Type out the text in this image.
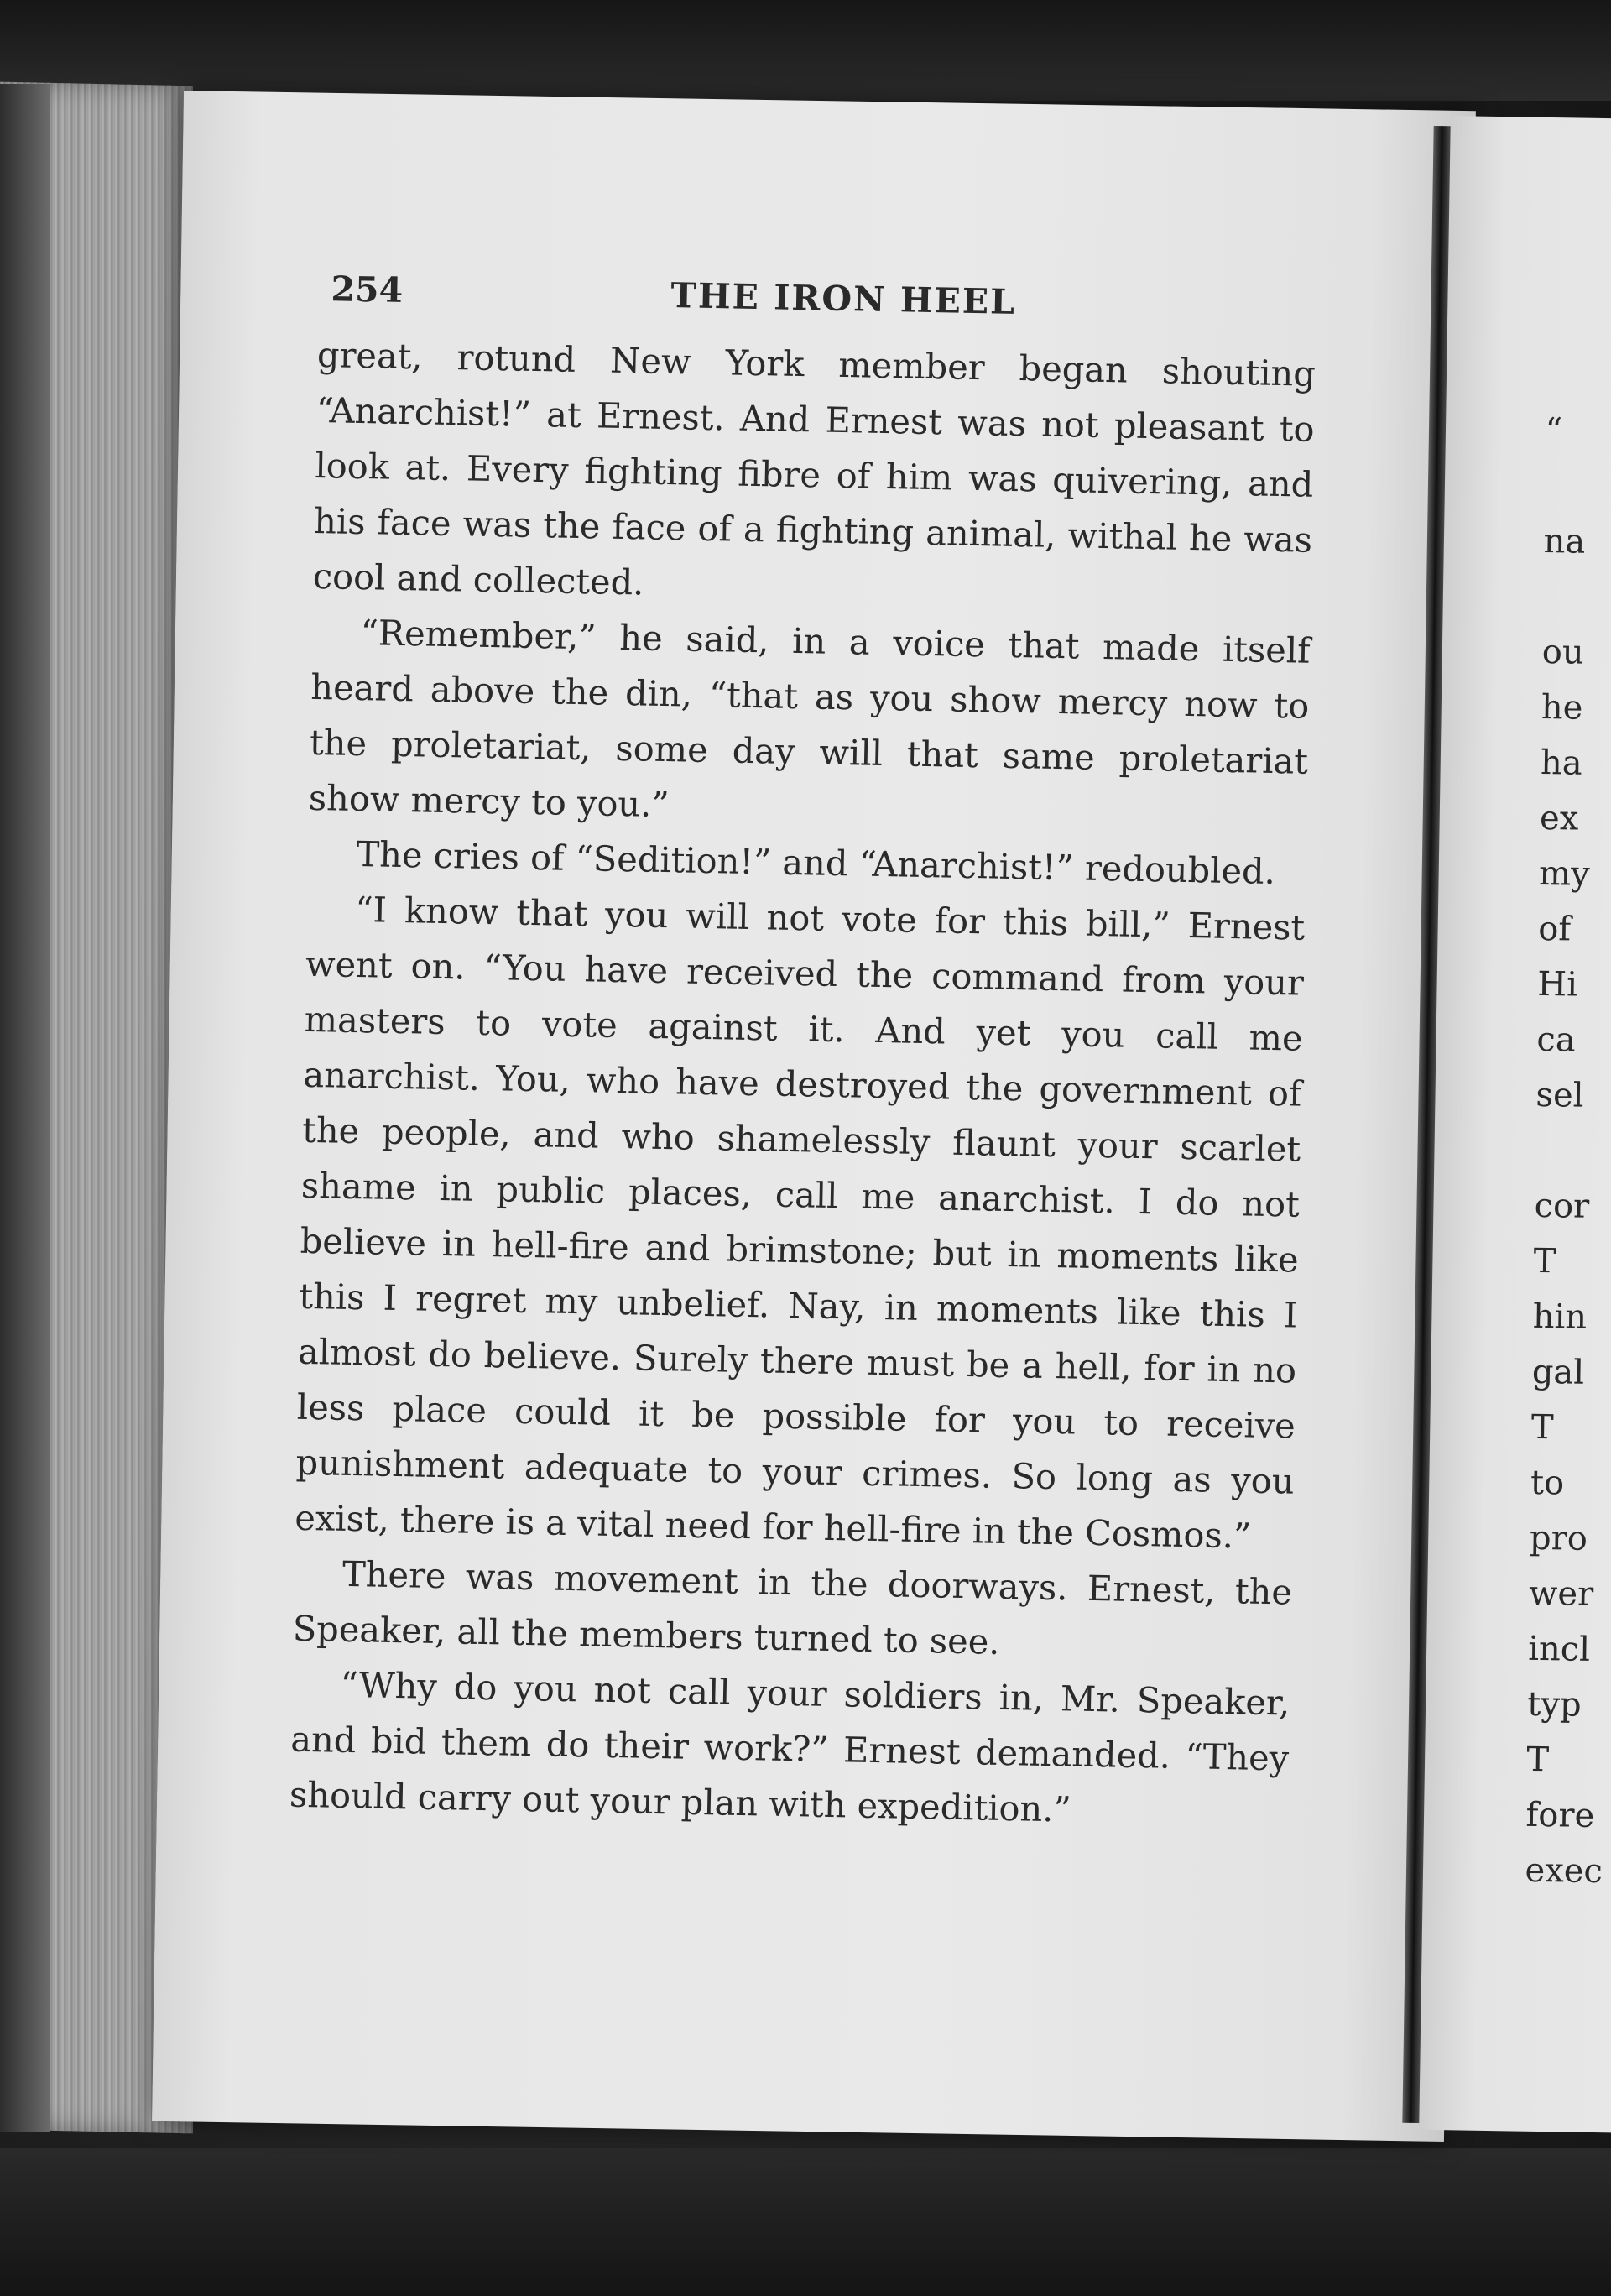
254	THE IRON HEEL

great, rotund New York member began shouting “Anarchist!” at Ernest. And Ernest was not pleasant to look at. Every fighting fibre of him was quivering, and his face was the face of a fighting animal, withal he was cool and collected.

“Remember,” he said, in a voice that made itself heard above the din, “that as you show mercy now to the proletariat, some day will that same proletariat show mercy to you.”

The cries of “Sedition!” and “Anarchist!” redoubled.

“I know that you will not vote for this bill,” Ernest went on. “You have received the command from your masters to vote against it. And yet you call me anarchist. You, who have destroyed the government of the people, and who shamelessly flaunt your scarlet shame in public places, call me anarchist. I do not believe in hell-fire and brimstone; but in moments like this I regret my unbelief. Nay, in moments like this I almost do believe. Surely there must be a hell, for in no less place could it be possible for you to receive punishment adequate to your crimes. So long as you exist, there is a vital need for hell-fire in the Cosmos.”

There was movement in the doorways. Ernest, the Speaker, all the members turned to see.

“Why do you not call your soldiers in, Mr. Speaker, and bid them do their work?” Ernest demanded. “They should carry out your plan with expedition.”

“
na
ou
he
ha
ex
my
of
Hi
ca
sel
cor
T
hin
gal
T
to
pro
wer
incl
typ
T
fore
exec
